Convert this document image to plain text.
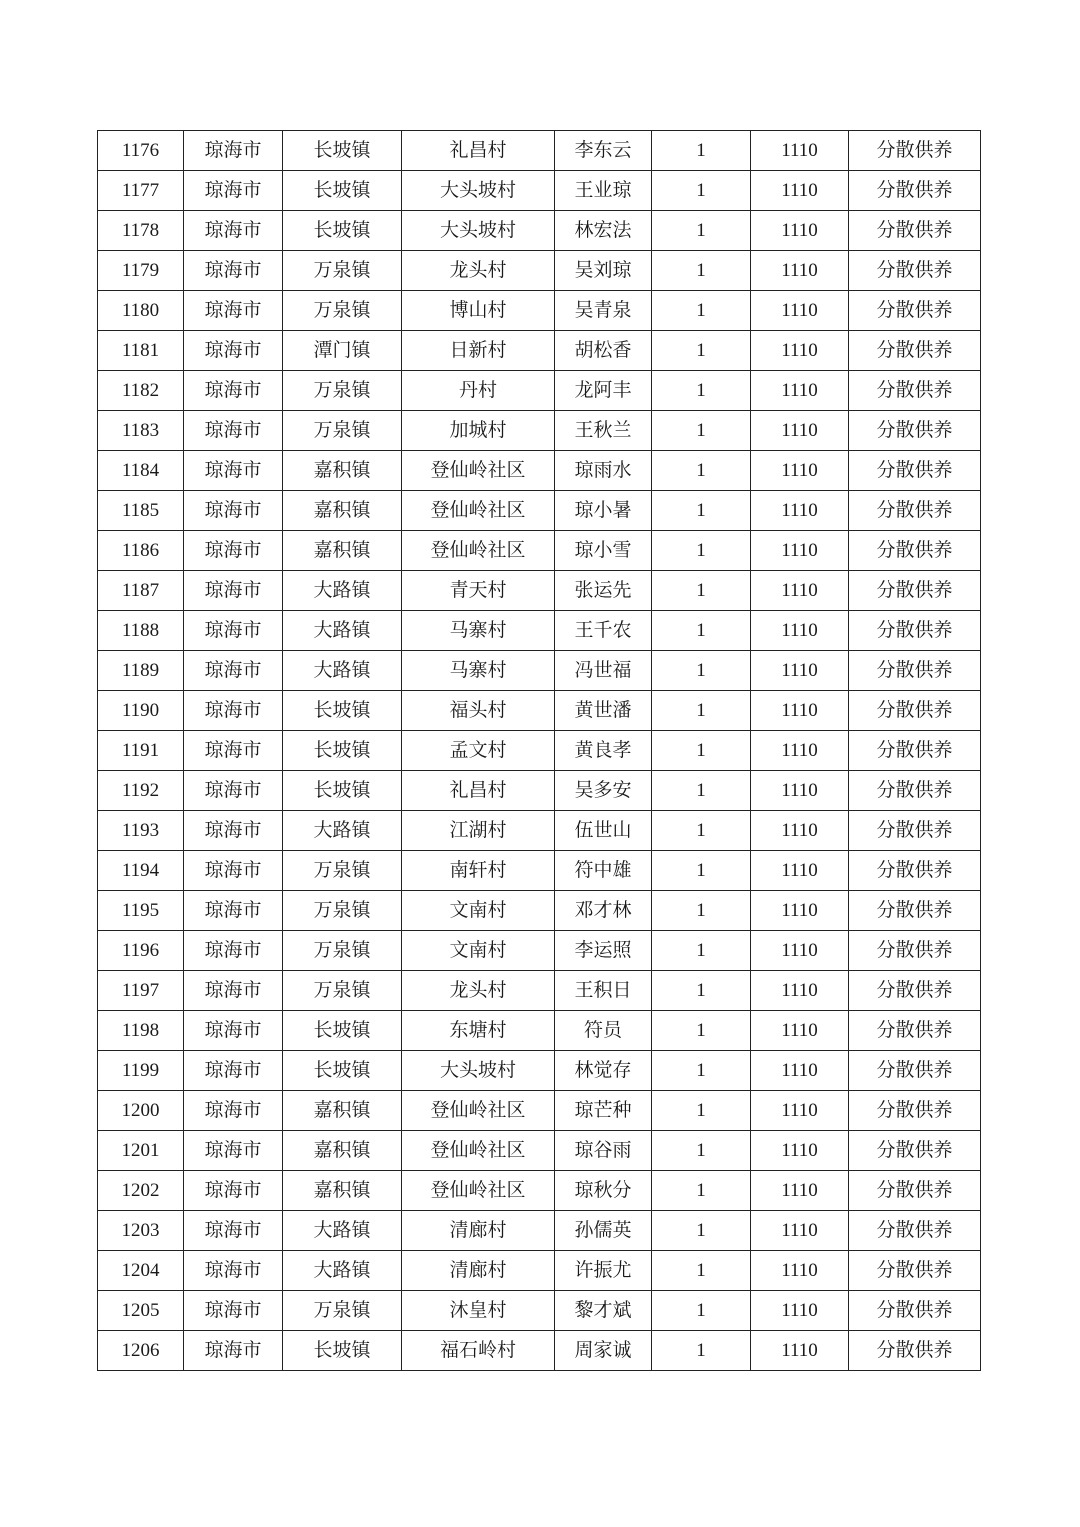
1176	琼海市	长坡镇	礼昌村	李东云	1	1110	分散供养
1177	琼海市	长坡镇	大头坡村	王业琼	1	1110	分散供养
1178	琼海市	长坡镇	大头坡村	林宏法	1	1110	分散供养
1179	琼海市	万泉镇	龙头村	吴刘琼	1	1110	分散供养
1180	琼海市	万泉镇	博山村	吴青泉	1	1110	分散供养
1181	琼海市	潭门镇	日新村	胡松香	1	1110	分散供养
1182	琼海市	万泉镇	丹村	龙阿丰	1	1110	分散供养
1183	琼海市	万泉镇	加城村	王秋兰	1	1110	分散供养
1184	琼海市	嘉积镇	登仙岭社区	琼雨水	1	1110	分散供养
1185	琼海市	嘉积镇	登仙岭社区	琼小暑	1	1110	分散供养
1186	琼海市	嘉积镇	登仙岭社区	琼小雪	1	1110	分散供养
1187	琼海市	大路镇	青天村	张运先	1	1110	分散供养
1188	琼海市	大路镇	马寨村	王千农	1	1110	分散供养
1189	琼海市	大路镇	马寨村	冯世福	1	1110	分散供养
1190	琼海市	长坡镇	福头村	黄世潘	1	1110	分散供养
1191	琼海市	长坡镇	孟文村	黄良孝	1	1110	分散供养
1192	琼海市	长坡镇	礼昌村	吴多安	1	1110	分散供养
1193	琼海市	大路镇	江湖村	伍世山	1	1110	分散供养
1194	琼海市	万泉镇	南轩村	符中雄	1	1110	分散供养
1195	琼海市	万泉镇	文南村	邓才林	1	1110	分散供养
1196	琼海市	万泉镇	文南村	李运照	1	1110	分散供养
1197	琼海市	万泉镇	龙头村	王积日	1	1110	分散供养
1198	琼海市	长坡镇	东塘村	符员	1	1110	分散供养
1199	琼海市	长坡镇	大头坡村	林觉存	1	1110	分散供养
1200	琼海市	嘉积镇	登仙岭社区	琼芒种	1	1110	分散供养
1201	琼海市	嘉积镇	登仙岭社区	琼谷雨	1	1110	分散供养
1202	琼海市	嘉积镇	登仙岭社区	琼秋分	1	1110	分散供养
1203	琼海市	大路镇	清廊村	孙儒英	1	1110	分散供养
1204	琼海市	大路镇	清廊村	许振尤	1	1110	分散供养
1205	琼海市	万泉镇	沐皇村	黎才斌	1	1110	分散供养
1206	琼海市	长坡镇	福石岭村	周家诚	1	1110	分散供养
